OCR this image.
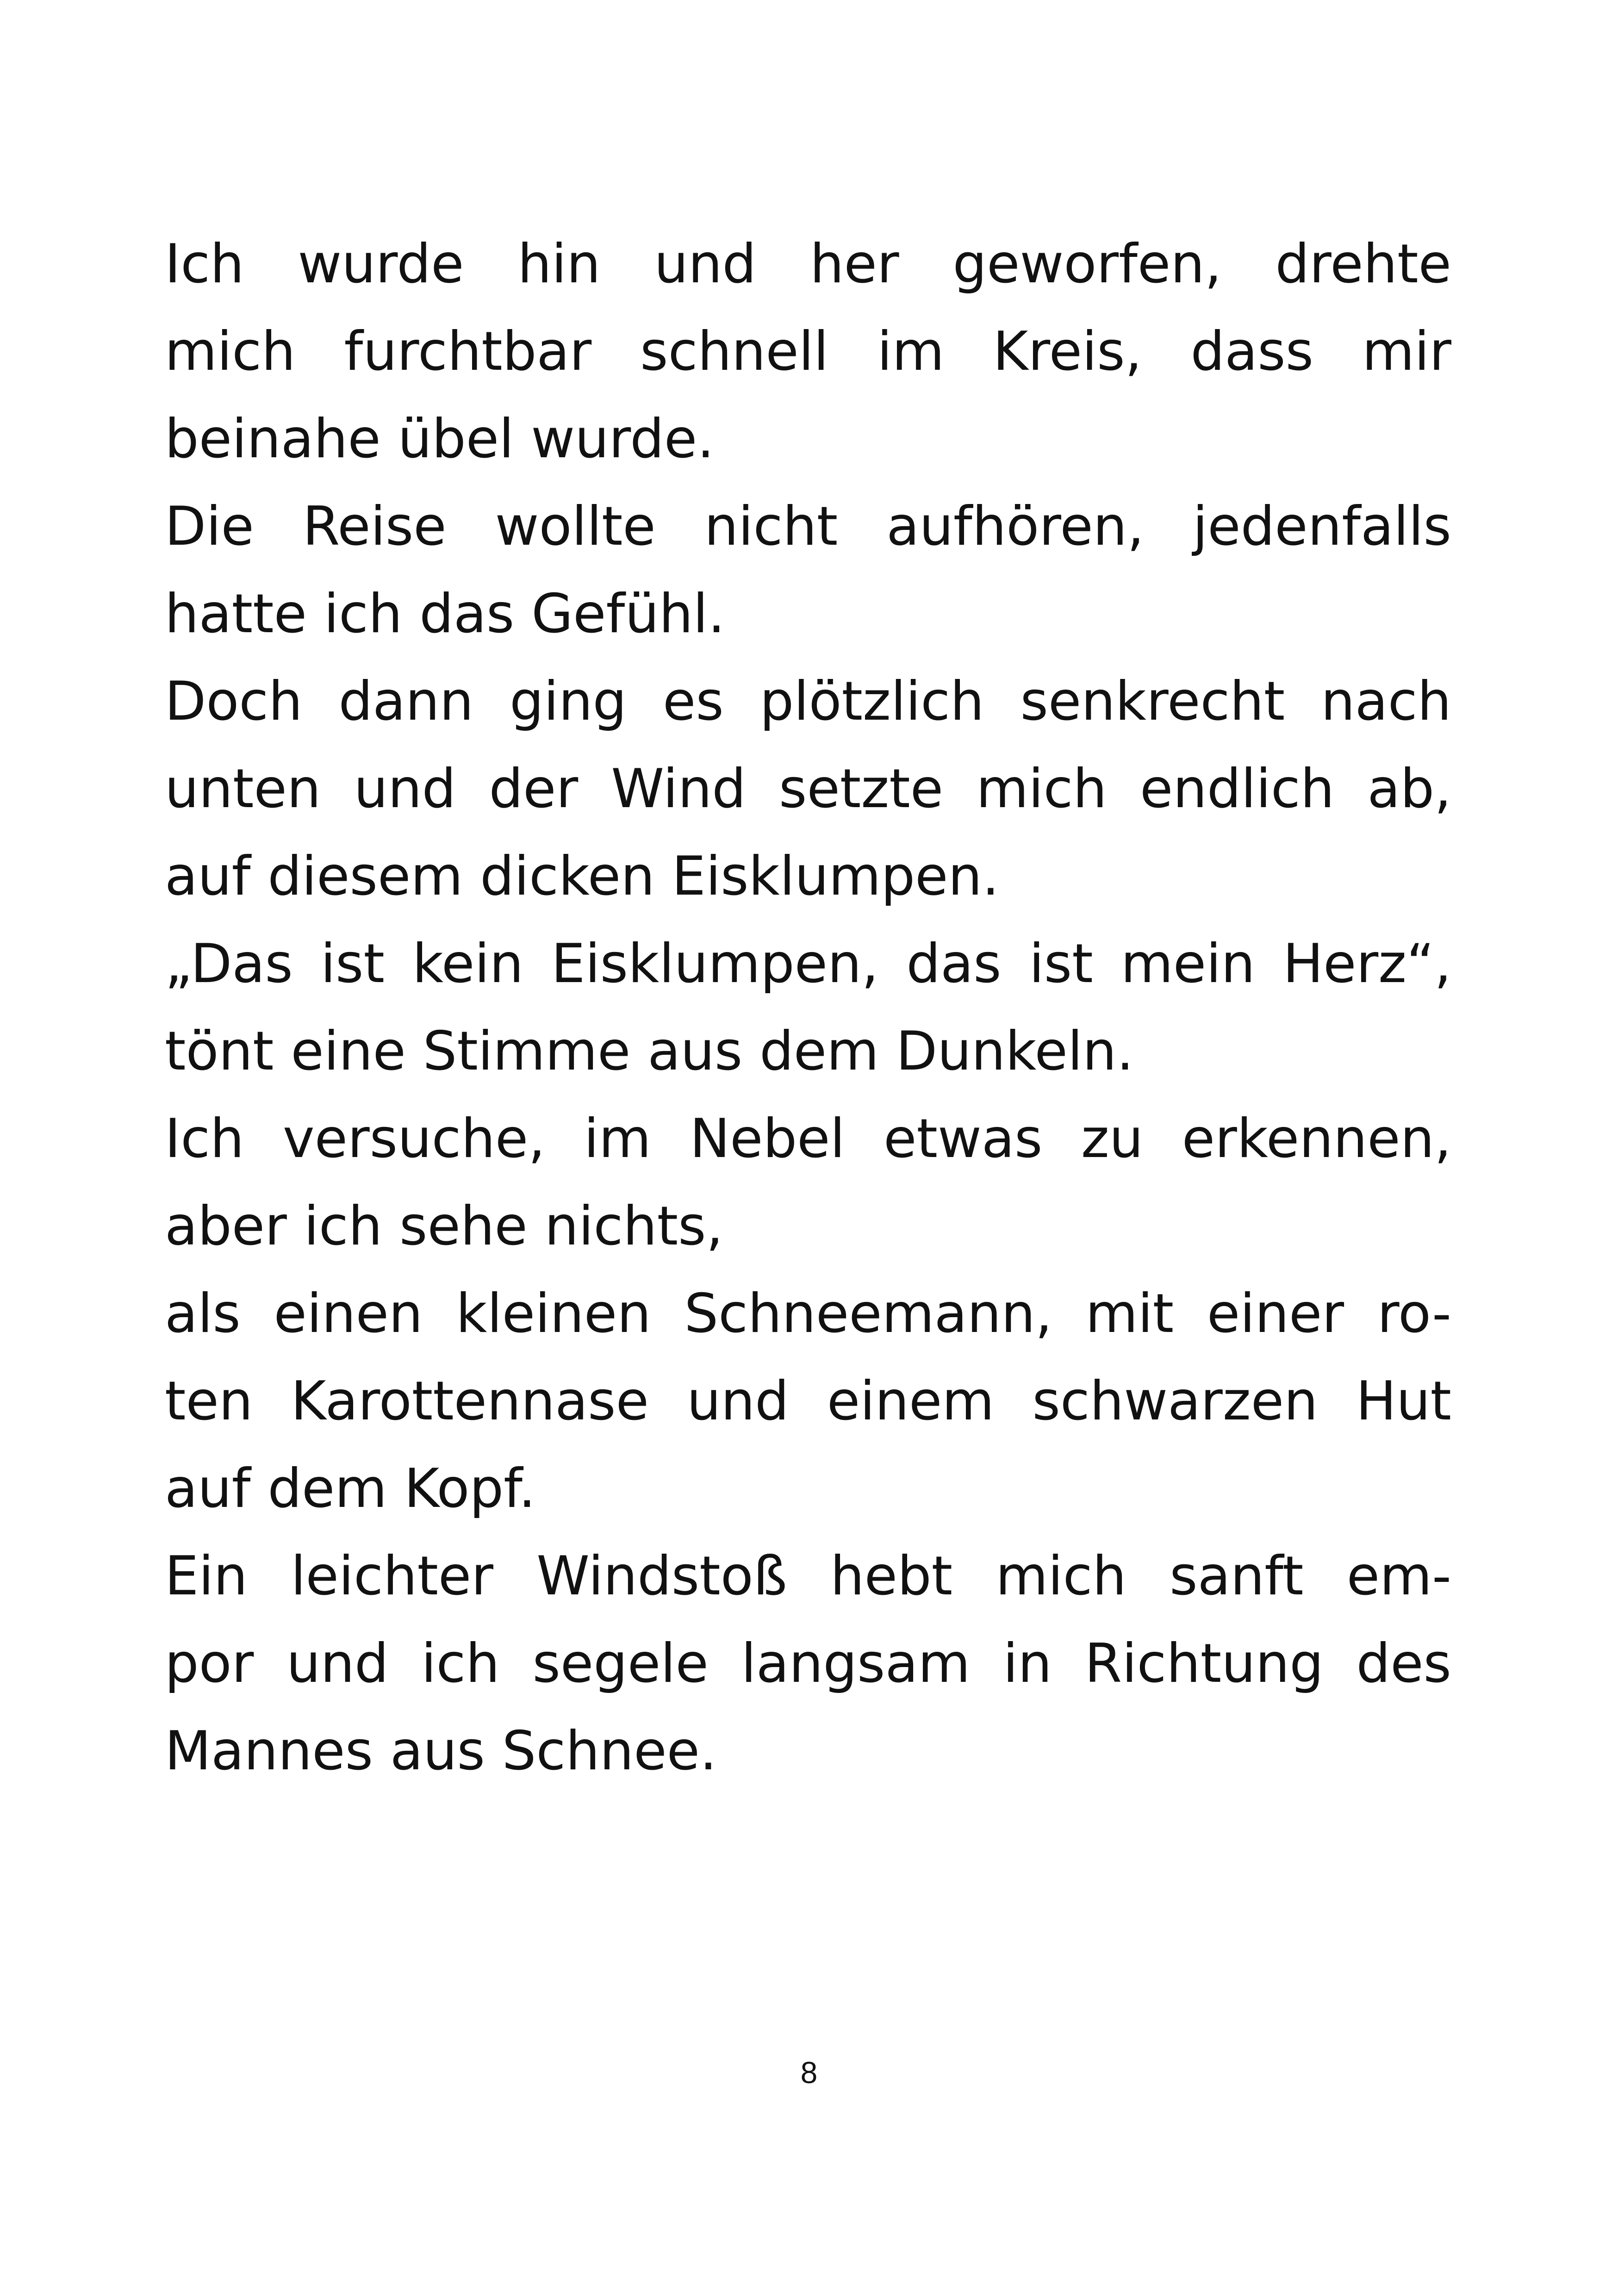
Ich wurde hin und her geworfen, drehte
mich furchtbar schnell im Kreis, dass mir
beinahe übel wurde.
Die Reise wollte nicht aufhören, jedenfalls
hatte ich das Gefühl.
Doch dann ging es plötzlich senkrecht nach
unten und der Wind setzte mich endlich ab,
auf diesem dicken Eisklumpen.
„Das ist kein Eisklumpen, das ist mein Herz“,
tönt eine Stimme aus dem Dunkeln.
Ich versuche, im Nebel etwas zu erkennen,
aber ich sehe nichts,
als einen kleinen Schneemann, mit einer ro-
ten Karottennase und einem schwarzen Hut
auf dem Kopf.
Ein leichter Windstoß hebt mich sanft em-
por und ich segele langsam in Richtung des
Mannes aus Schnee.
8
